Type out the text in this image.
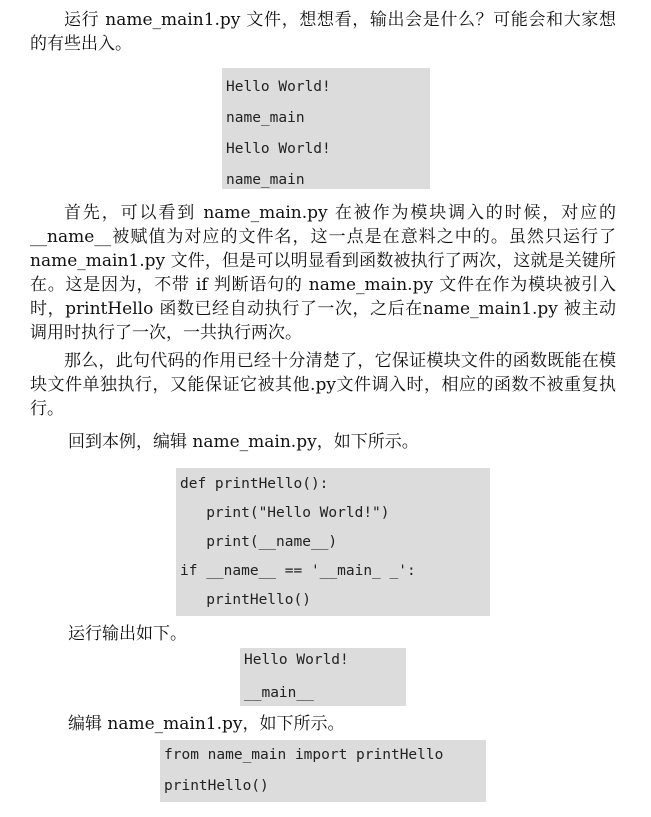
运行 name_main1.py 文件，想想看，输出会是什么？可能会和大家想的有些出入。

Hello World!
name_main
Hello World!
name_main

首先，可以看到 name_main.py 在被作为模块调入的时候，对应的__name__被赋值为对应的文件名，这一点是在意料之中的。虽然只运行了name_main1.py 文件，但是可以明显看到函数被执行了两次，这就是关键所在。这是因为，不带 if 判断语句的 name_main.py 文件在作为模块被引入时，printHello 函数已经自动执行了一次，之后在name_main1.py 被主动调用时执行了一次，一共执行两次。

那么，此句代码的作用已经十分清楚了，它保证模块文件的函数既能在模块文件单独执行，又能保证它被其他.py文件调入时，相应的函数不被重复执行。

回到本例，编辑 name_main.py，如下所示。

def printHello():
print("Hello World!")
print(__name__)
if __name__ == '__main_ _':
printHello()

运行输出如下。

Hello World!
__main__

编辑 name_main1.py，如下所示。

from name_main import printHello
printHello()
